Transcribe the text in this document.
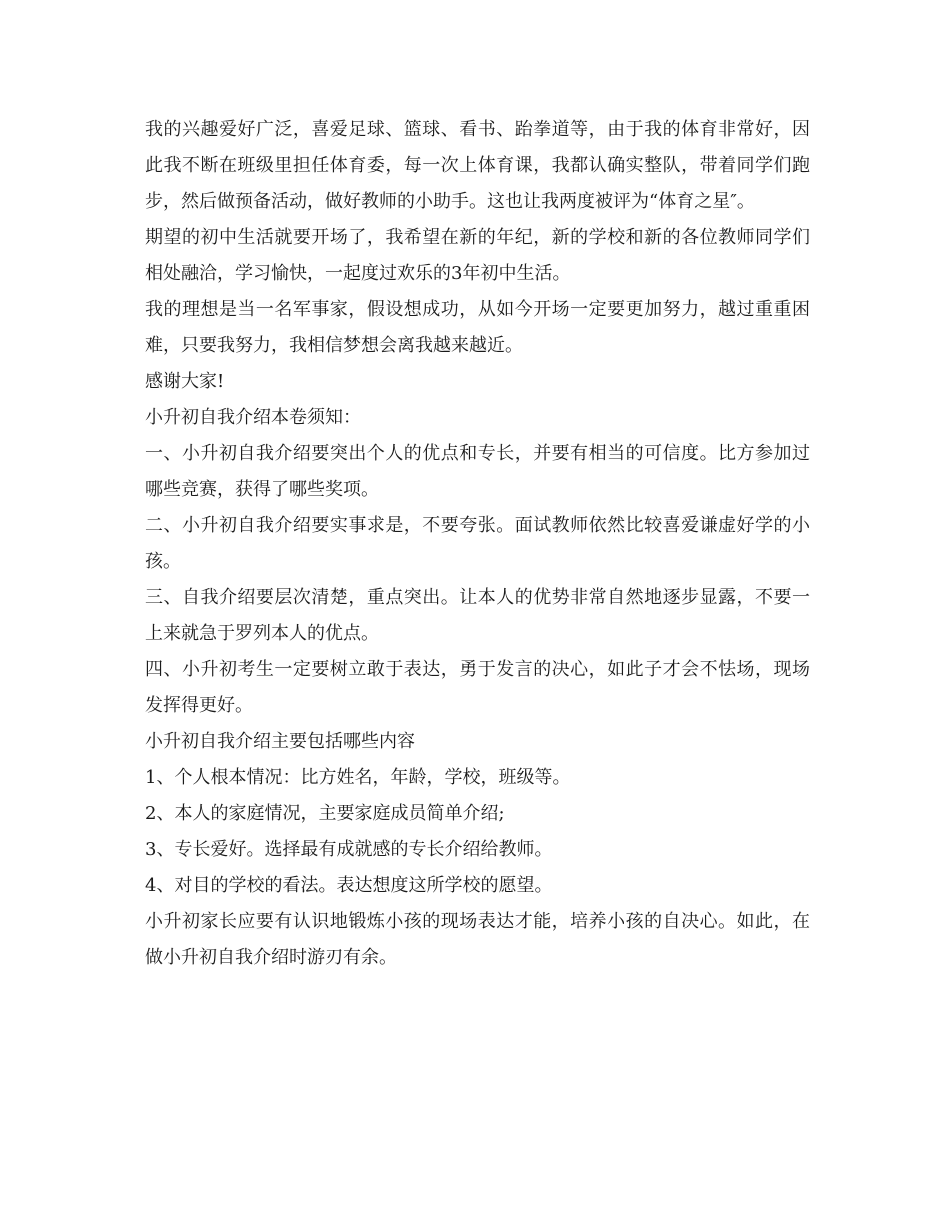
我的兴趣爱好广泛，喜爱足球、篮球、看书、跆拳道等，由于我的体育非常好，因此我不断在班级里担任体育委，每一次上体育课，我都认确实整队，带着同学们跑步，然后做预备活动，做好教师的小助手。这也让我两度被评为“体育之星″。

期望的初中生活就要开场了，我希望在新的年纪，新的学校和新的各位教师同学们相处融洽，学习愉快，一起度过欢乐的3年初中生活。

我的理想是当一名军事家，假设想成功，从如今开场一定要更加努力，越过重重困难，只要我努力，我相信梦想会离我越来越近。

感谢大家!

小升初自我介绍本卷须知：

一、小升初自我介绍要突出个人的优点和专长，并要有相当的可信度。比方参加过哪些竞赛，获得了哪些奖项。

二、小升初自我介绍要实事求是，不要夸张。面试教师依然比较喜爱谦虚好学的小孩。

三、自我介绍要层次清楚，重点突出。让本人的优势非常自然地逐步显露，不要一上来就急于罗列本人的优点。

四、小升初考生一定要树立敢于表达，勇于发言的决心，如此子才会不怯场，现场发挥得更好。

小升初自我介绍主要包括哪些内容

1、个人根本情况：比方姓名，年龄，学校，班级等。

2、本人的家庭情况，主要家庭成员简单介绍;

3、专长爱好。选择最有成就感的专长介绍给教师。

4、对目的学校的看法。表达想度这所学校的愿望。

小升初家长应要有认识地锻炼小孩的现场表达才能，培养小孩的自决心。如此，在做小升初自我介绍时游刃有余。
